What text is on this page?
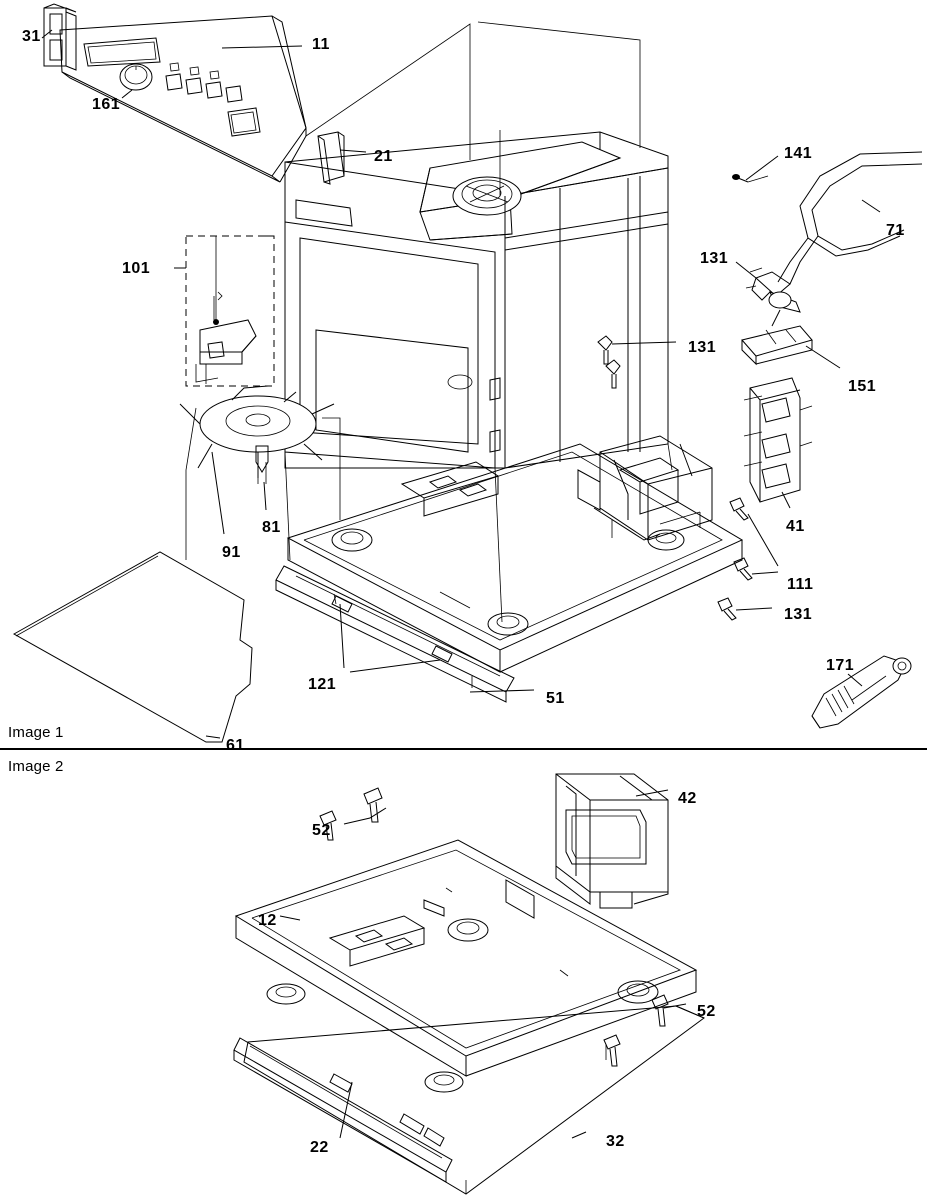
Image 1
Image 2
31	11
161
21	141
71
131
101
131
151
41
81
91
111
131
121
51
171
61
42
52
12
52
22	32
